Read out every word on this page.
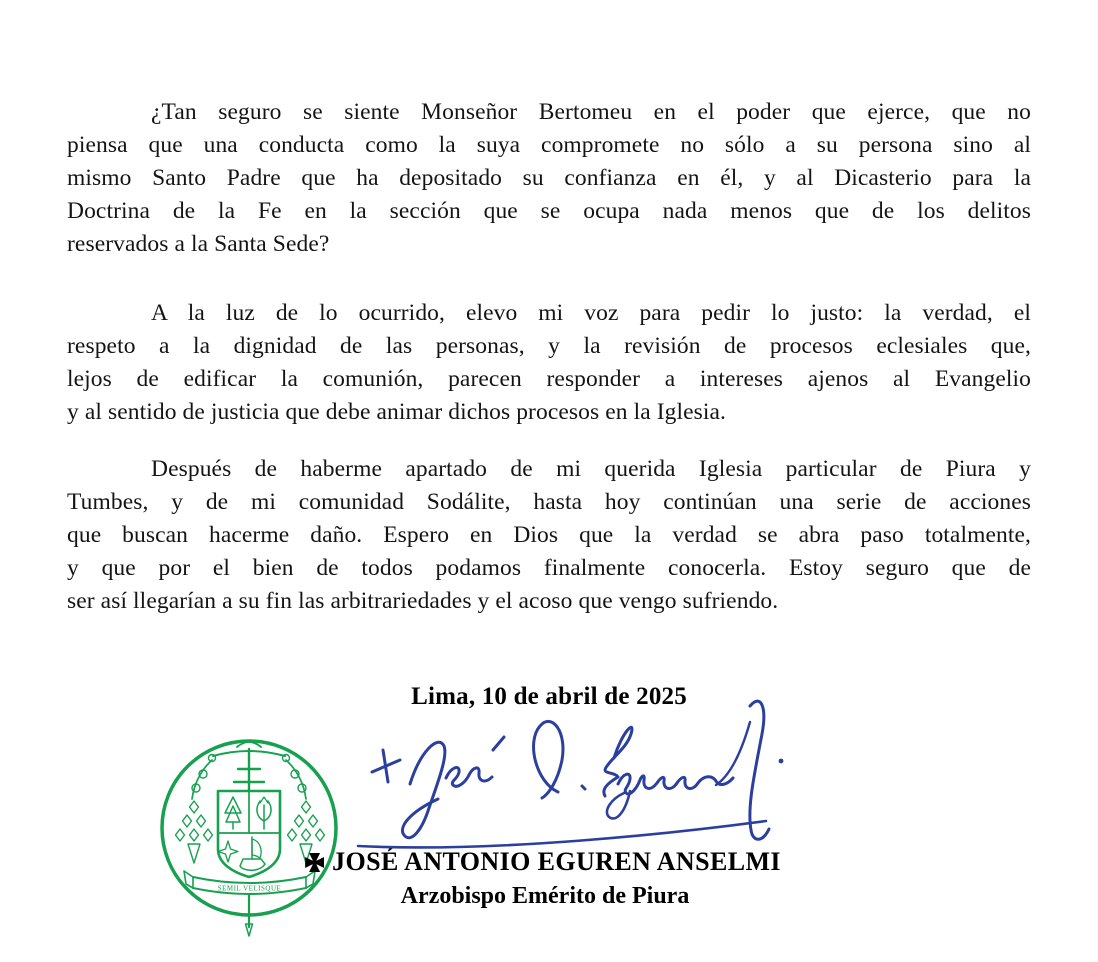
¿Tan seguro se siente Monseñor Bertomeu en el poder que ejerce, que no
piensa que una conducta como la suya compromete no sólo a su persona sino al
mismo Santo Padre que ha depositado su confianza en él, y al Dicasterio para la
Doctrina de la Fe en la sección que se ocupa nada menos que de los delitos
reservados a la Santa Sede?
A la luz de lo ocurrido, elevo mi voz para pedir lo justo: la verdad, el
respeto a la dignidad de las personas, y la revisión de procesos eclesiales que,
lejos de edificar la comunión, parecen responder a intereses ajenos al Evangelio
y al sentido de justicia que debe animar dichos procesos en la Iglesia.
Después de haberme apartado de mi querida Iglesia particular de Piura y
Tumbes, y de mi comunidad Sodálite, hasta hoy continúan una serie de acciones
que buscan hacerme daño. Espero en Dios que la verdad se abra paso totalmente,
y que por el bien de todos podamos finalmente conocerla. Estoy seguro que de
ser así llegarían a su fin las arbitrariedades y el acoso que vengo sufriendo.
Lima, 10 de abril de 2025
JOSÉ ANTONIO EGUREN ANSELMI
Arzobispo Emérito de Piura
SEMIL VELISQUE
